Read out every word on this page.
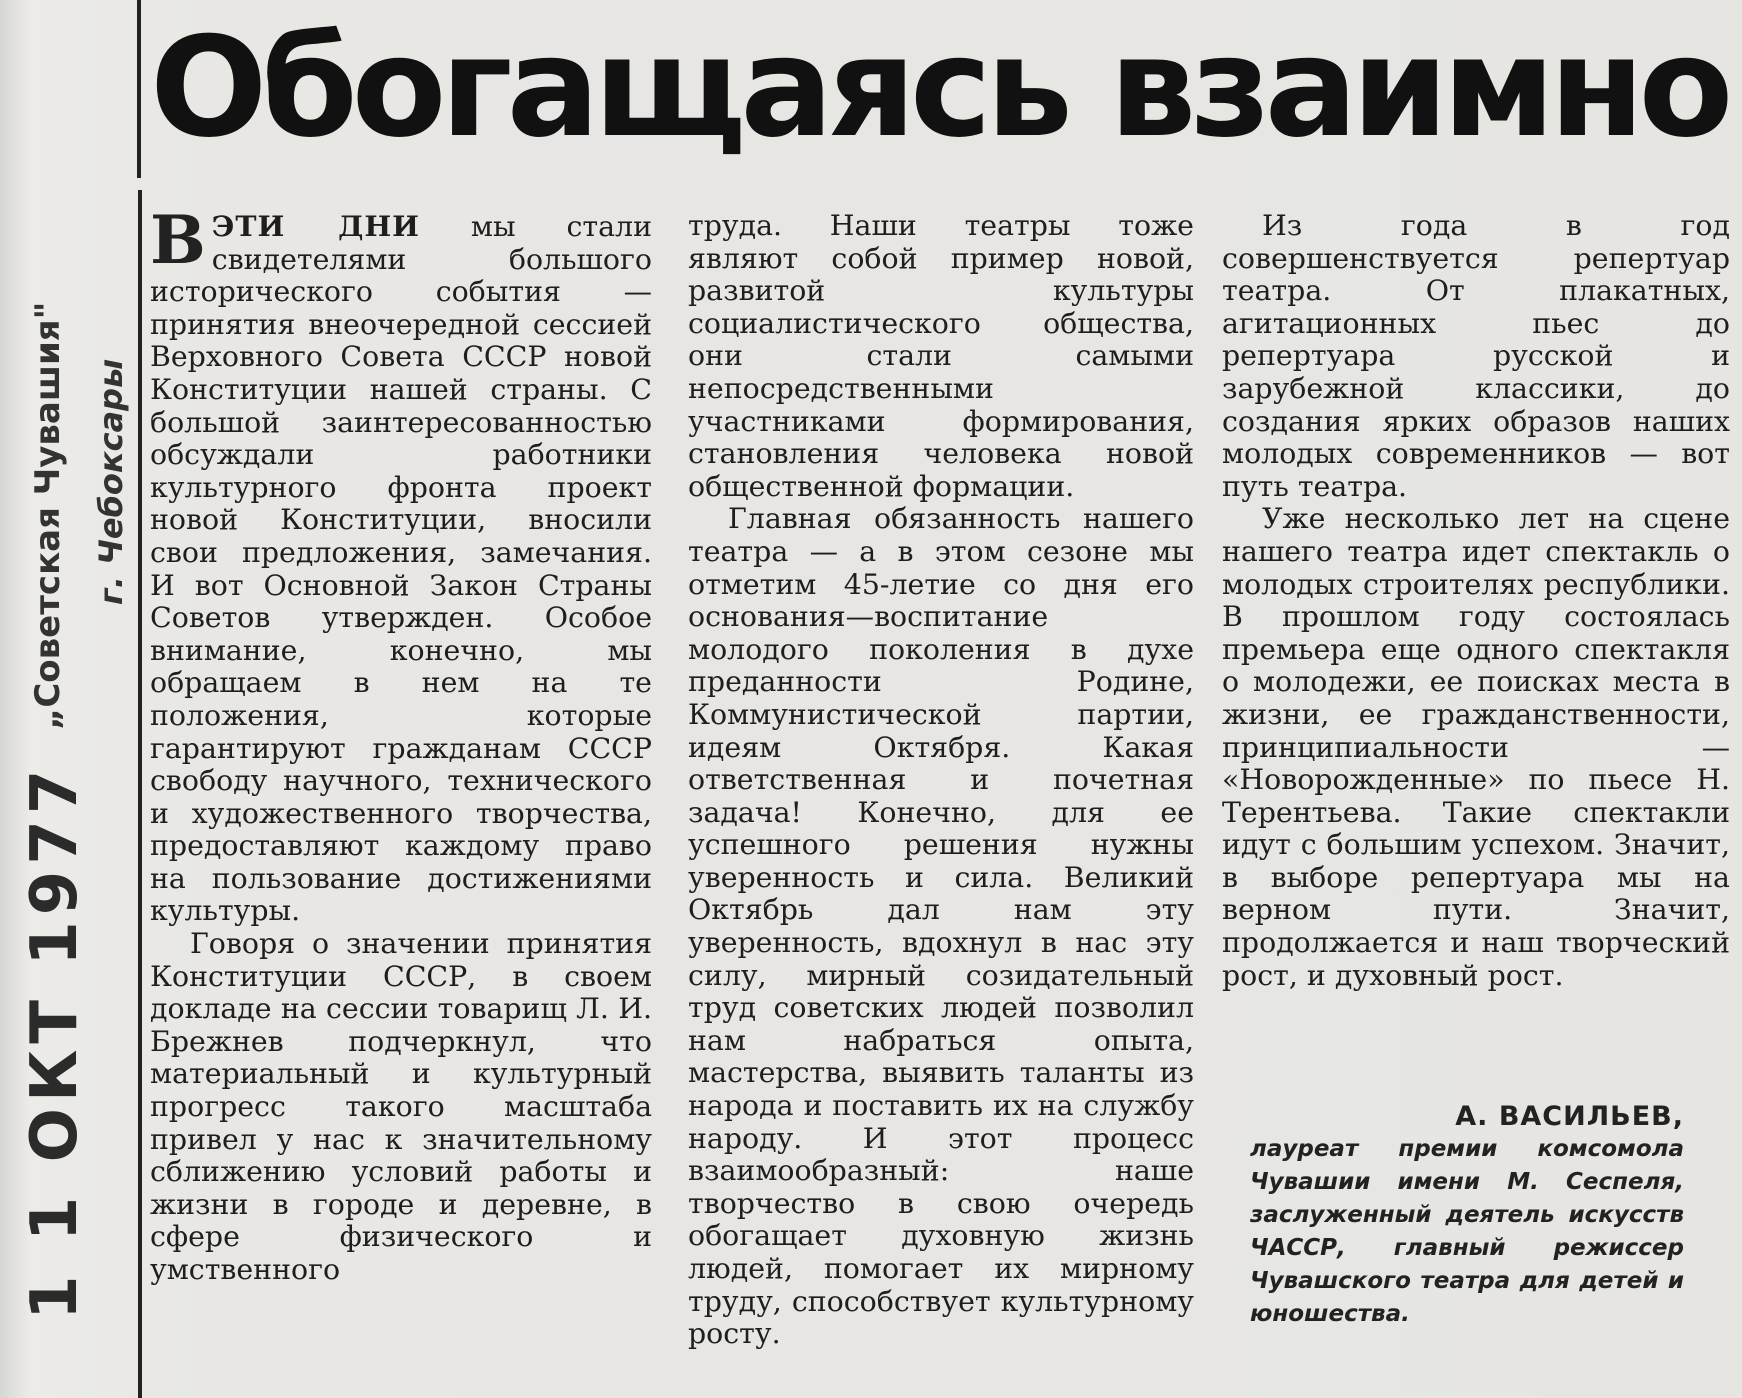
1 1 ОКТ 1977
„Советская Чувашия" г. Чебоксары
Обогащаясь взаимно

ВЭТИ ДНИ мы стали свидетелями большого исторического события — принятия внеочередной сессией Верховного Совета СССР новой Конституции нашей страны. С большой заинтересованностью обсуждали работники культурного фронта проект новой Конституции, вносили свои предложения, замечания. И вот Основной Закон Страны Советов утвержден. Особое внимание, конечно, мы обращаем в нем на те положения, которые гарантируют гражданам СССР свободу научного, технического и художественного творчества, предоставляют каждому право на пользование достижениями культуры.

Говоря о значении принятия Конституции СССР, в своем докладе на сессии товарищ Л. И. Брежнев подчеркнул, что материальный и культурный прогресс такого масштаба привел у нас к значительному сближению условий работы и жизни в городе и деревне, в сфере физического и умственного

труда. Наши театры тоже являют собой пример новой, развитой культуры социалистического общества, они стали самыми непосредственными участниками формирования, становления человека новой общественной формации.

Главная обязанность нашего театра — а в этом сезоне мы отметим 45-летие со дня его основания—воспитание молодого поколения в духе преданности Родине, Коммунистической партии, идеям Октября. Какая ответственная и почетная задача! Конечно, для ее успешного решения нужны уверенность и сила. Великий Октябрь дал нам эту уверенность, вдохнул в нас эту силу, мирный созидательный труд советских людей позволил нам набраться опыта, мастерства, выявить таланты из народа и поставить их на службу народу. И этот процесс взаимообразный: наше творчество в свою очередь обогащает духовную жизнь людей, помогает их мирному труду, способствует культурному росту.

Из года в год совершенствуется репертуар театра. От плакатных, агитационных пьес до репертуара русской и зарубежной классики, до создания ярких образов наших молодых современников — вот путь театра.

Уже несколько лет на сцене нашего театра идет спектакль о молодых строителях республики. В прошлом году состоялась премьера еще одного спектакля о молодежи, ее поисках места в жизни, ее гражданственности, принципиальности — «Новорожденные» по пьесе Н. Терентьева. Такие спектакли идут с большим успехом. Значит, в выборе репертуара мы на верном пути. Значит, продолжается и наш творческий рост, и духовный рост.

А. ВАСИЛЬЕВ,
лауреат премии комсомола Чувашии имени М. Сеспеля, заслуженный деятель искусств ЧАССР, главный режиссер Чувашского театра для детей и юношества.
